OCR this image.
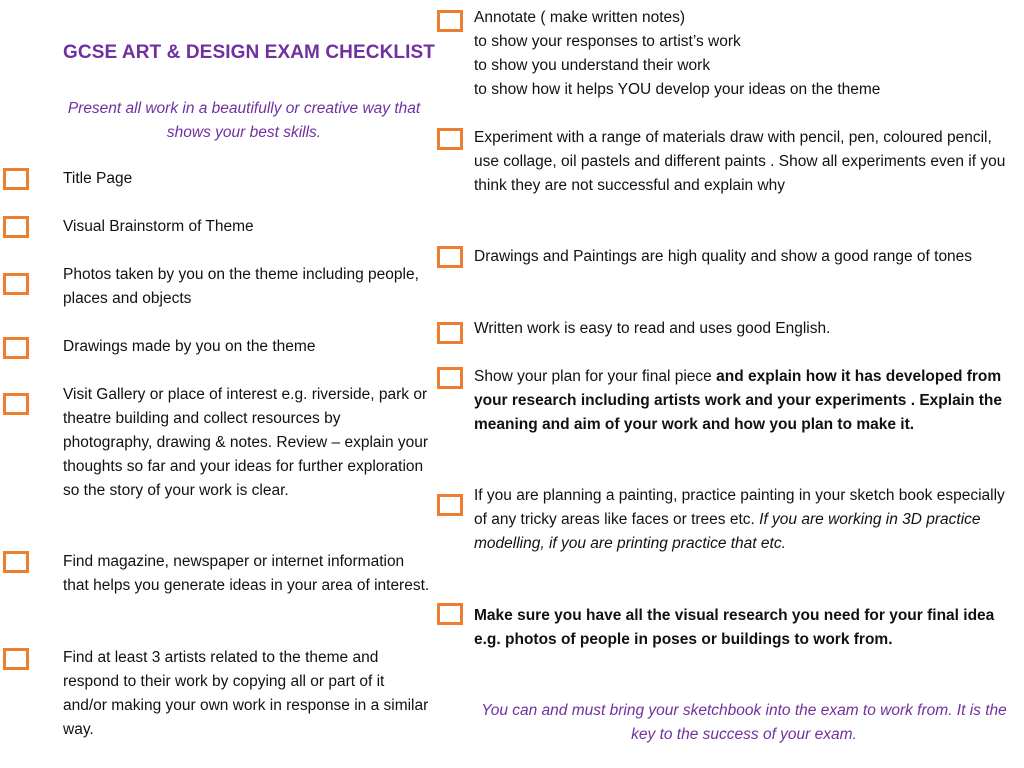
GCSE ART & DESIGN EXAM CHECKLIST
Present all work in a beautifully or creative way that shows your best skills.
Title Page
Visual Brainstorm of Theme
Photos taken by you on the theme including people, places and objects
Drawings made by you on the theme
Visit Gallery or place of interest e.g. riverside, park or theatre building and collect resources by photography, drawing & notes. Review – explain your thoughts so far and your ideas for further exploration so the story of your work is clear.
Find magazine, newspaper or internet information that helps you generate ideas in your area of interest.
Find at least 3 artists related to the theme and respond to their work by copying all or part of it and/or making your own work in response in a similar way.
Annotate ( make written notes)
to show your responses to artist’s work
to show you understand their work
to show how it helps YOU develop your ideas on the theme
Experiment with a range of materials draw with pencil, pen, coloured pencil, use collage, oil pastels and different paints . Show all experiments even if you think they are not successful and explain why
Drawings and Paintings are high quality and show a good range of tones
Written work is easy to read and uses good English.
Show your plan for your final piece and explain how it has developed from your research including artists work and your experiments . Explain the meaning and aim of your work and how you plan to make it.
If you are planning a painting, practice painting in your sketch book especially of any tricky areas like faces or trees etc. If you are working in 3D practice modelling, if you are printing practice that etc.
Make sure you have all the visual research you need for your final idea e.g. photos of people in poses or buildings to work from.
You can and must bring your sketchbook into the exam to work from. It is the key to the success of your exam.
